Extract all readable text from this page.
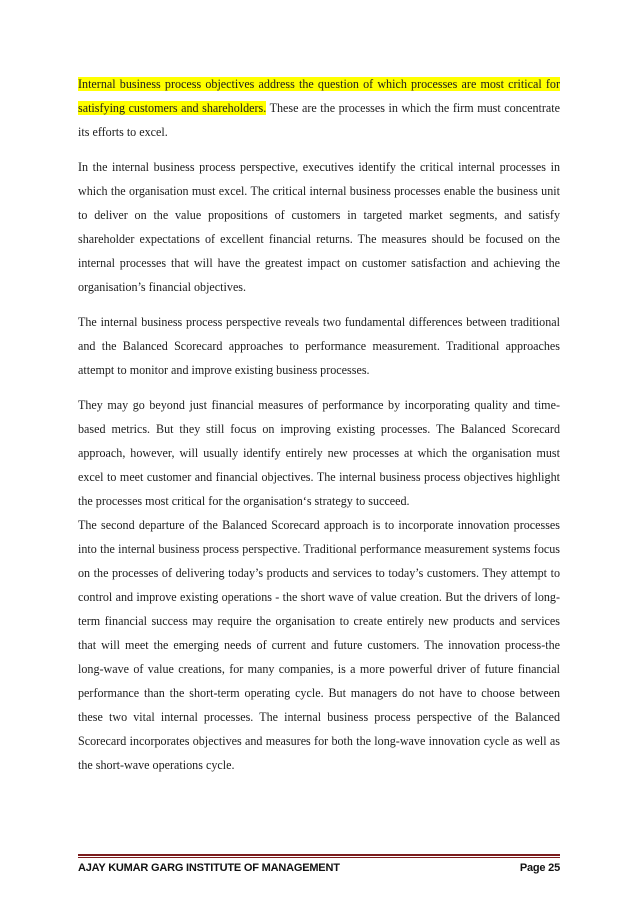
Internal business process objectives address the question of which processes are most critical for satisfying customers and shareholders. These are the processes in which the firm must concentrate its efforts to excel.

In the internal business process perspective, executives identify the critical internal processes in which the organisation must excel. The critical internal business processes enable the business unit to deliver on the value propositions of customers in targeted market segments, and satisfy shareholder expectations of excellent financial returns. The measures should be focused on the internal processes that will have the greatest impact on customer satisfaction and achieving the organisation’s financial objectives.

The internal business process perspective reveals two fundamental differences between traditional and the Balanced Scorecard approaches to performance measurement. Traditional approaches attempt to monitor and improve existing business processes.

They may go beyond just financial measures of performance by incorporating quality and time-based metrics. But they still focus on improving existing processes. The Balanced Scorecard approach, however, will usually identify entirely new processes at which the organisation must excel to meet customer and financial objectives. The internal business process objectives highlight the processes most critical for the organisation‘s strategy to succeed.

The second departure of the Balanced Scorecard approach is to incorporate innovation processes into the internal business process perspective. Traditional performance measurement systems focus on the processes of delivering today’s products and services to today’s customers. They attempt to control and improve existing operations - the short wave of value creation. But the drivers of long-term financial success may require the organisation to create entirely new products and services that will meet the emerging needs of current and future customers. The innovation process-the long-wave of value creations, for many companies, is a more powerful driver of future financial performance than the short-term operating cycle. But managers do not have to choose between these two vital internal processes. The internal business process perspective of the Balanced Scorecard incorporates objectives and measures for both the long-wave innovation cycle as well as the short-wave operations cycle.

AJAY KUMAR GARG INSTITUTE OF MANAGEMENT	Page 25
